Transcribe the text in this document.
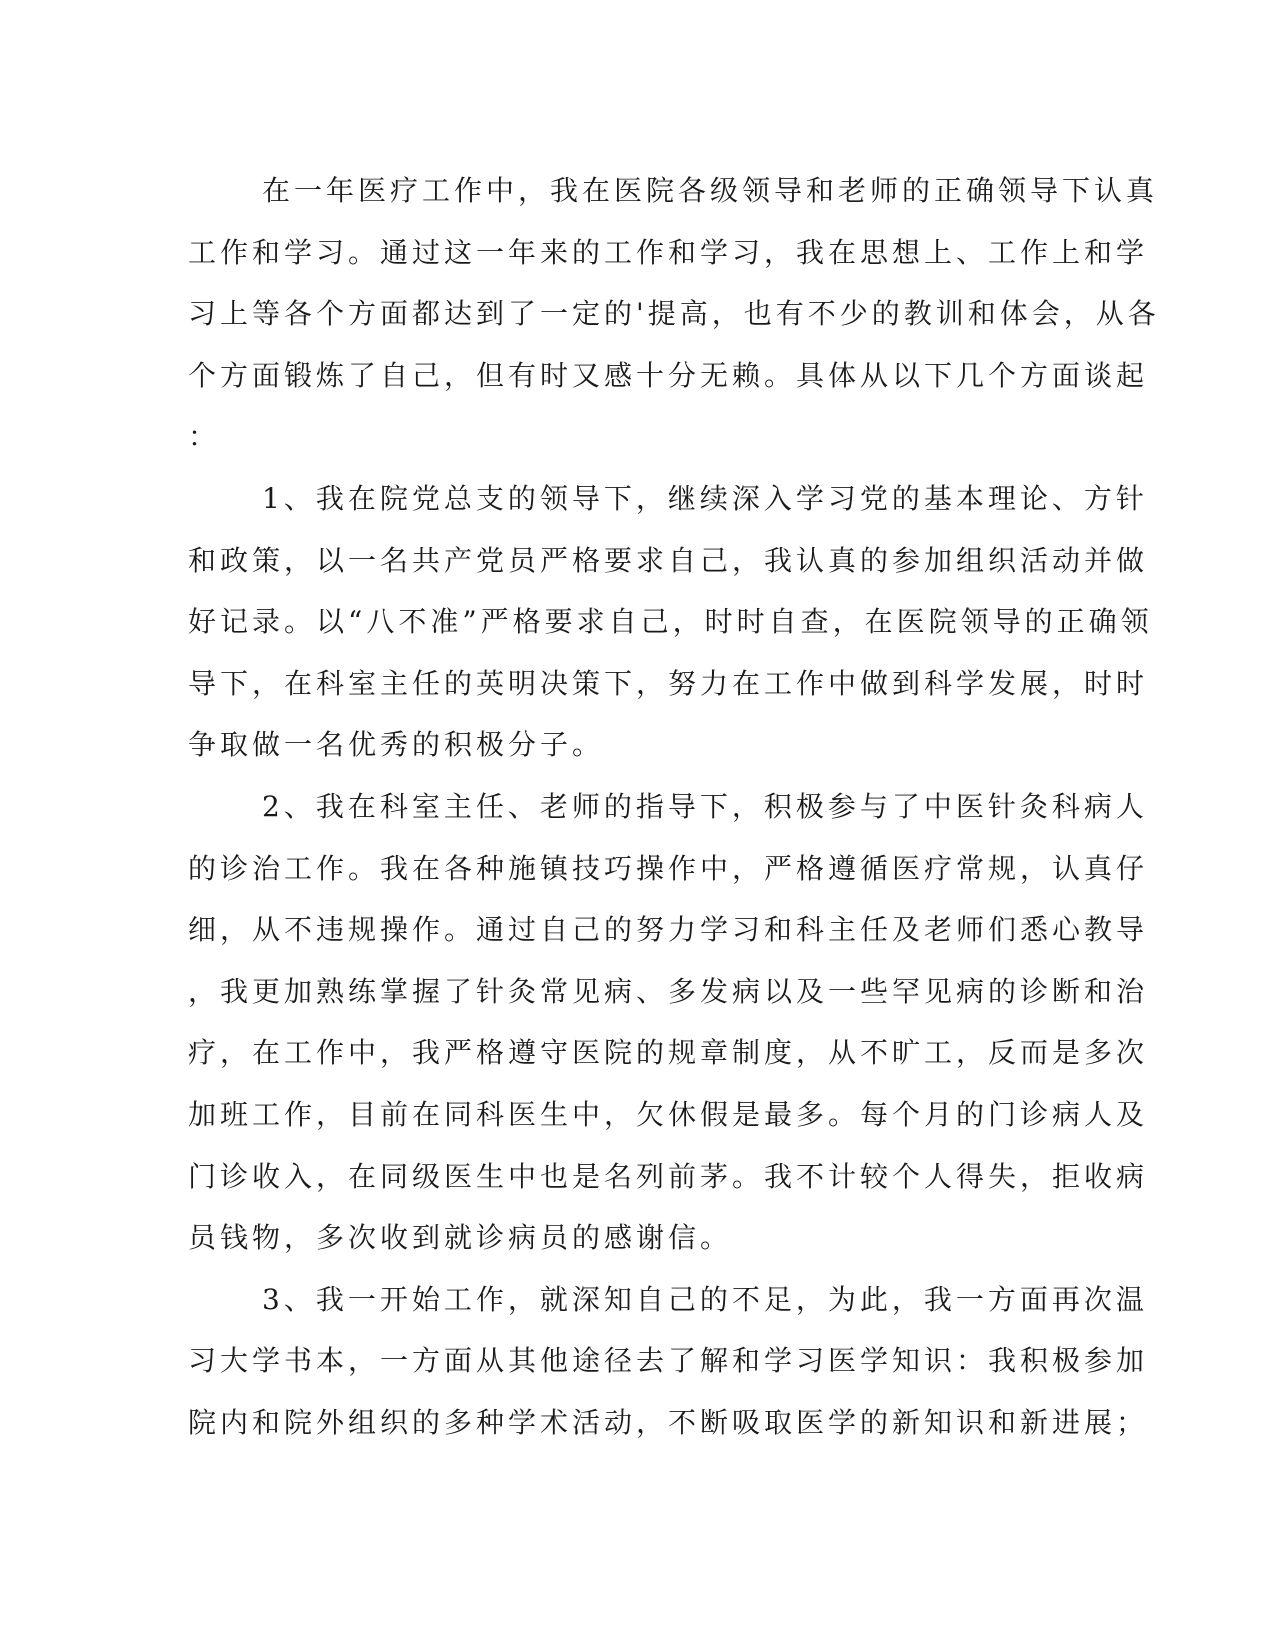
在一年医疗工作中，我在医院各级领导和老师的正确领导下认真
工作和学习。通过这一年来的工作和学习，我在思想上、工作上和学
习上等各个方面都达到了一定的'提高，也有不少的教训和体会，从各
个方面锻炼了自己，但有时又感十分无赖。具体从以下几个方面谈起
：
1、我在院党总支的领导下，继续深入学习党的基本理论、方针
和政策，以一名共产党员严格要求自己，我认真的参加组织活动并做
好记录。以“八不准”严格要求自己，时时自查，在医院领导的正确领
导下，在科室主任的英明决策下，努力在工作中做到科学发展，时时
争取做一名优秀的积极分子。
2、我在科室主任、老师的指导下，积极参与了中医针灸科病人
的诊治工作。我在各种施镇技巧操作中，严格遵循医疗常规，认真仔
细，从不违规操作。通过自己的努力学习和科主任及老师们悉心教导
，我更加熟练掌握了针灸常见病、多发病以及一些罕见病的诊断和治
疗，在工作中，我严格遵守医院的规章制度，从不旷工，反而是多次
加班工作，目前在同科医生中，欠休假是最多。每个月的门诊病人及
门诊收入，在同级医生中也是名列前茅。我不计较个人得失，拒收病
员钱物，多次收到就诊病员的感谢信。
3、我一开始工作，就深知自己的不足，为此，我一方面再次温
习大学书本，一方面从其他途径去了解和学习医学知识：我积极参加
院内和院外组织的多种学术活动，不断吸取医学的新知识和新进展；
